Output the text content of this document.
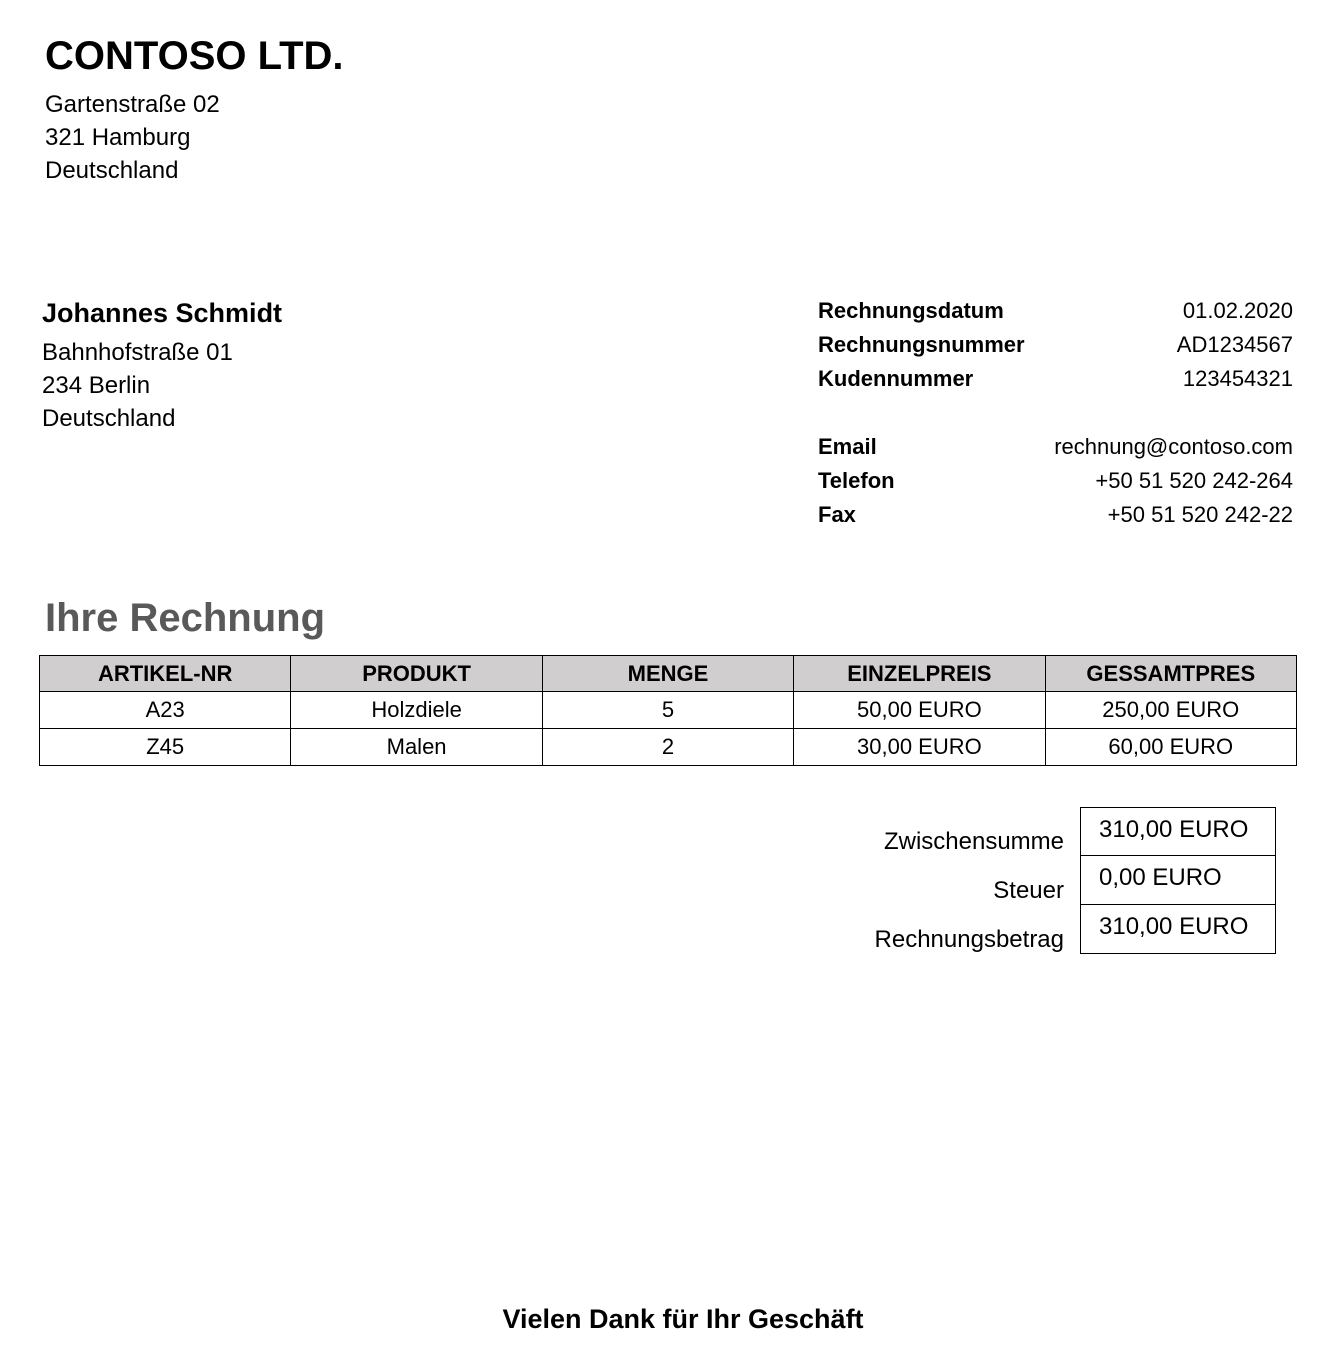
CONTOSO LTD.
Gartenstraße 02
321 Hamburg
Deutschland
Johannes Schmidt
Bahnhofstraße 01
234 Berlin
Deutschland
Rechnungsdatum	01.02.2020
Rechnungsnummer	AD1234567
Kudennummer	123454321
Email	rechnung@contoso.com
Telefon	+50 51 520 242-264
Fax	+50 51 520 242-22
Ihre Rechnung
ARTIKEL-NR	PRODUKT	MENGE	EINZELPREIS	GESSAMTPRES
A23	Holzdiele	5	50,00 EURO	250,00 EURO
Z45	Malen	2	30,00 EURO	60,00 EURO
Zwischensumme	310,00 EURO
Steuer	0,00 EURO
Rechnungsbetrag	310,00 EURO
Vielen Dank für Ihr Geschäft
